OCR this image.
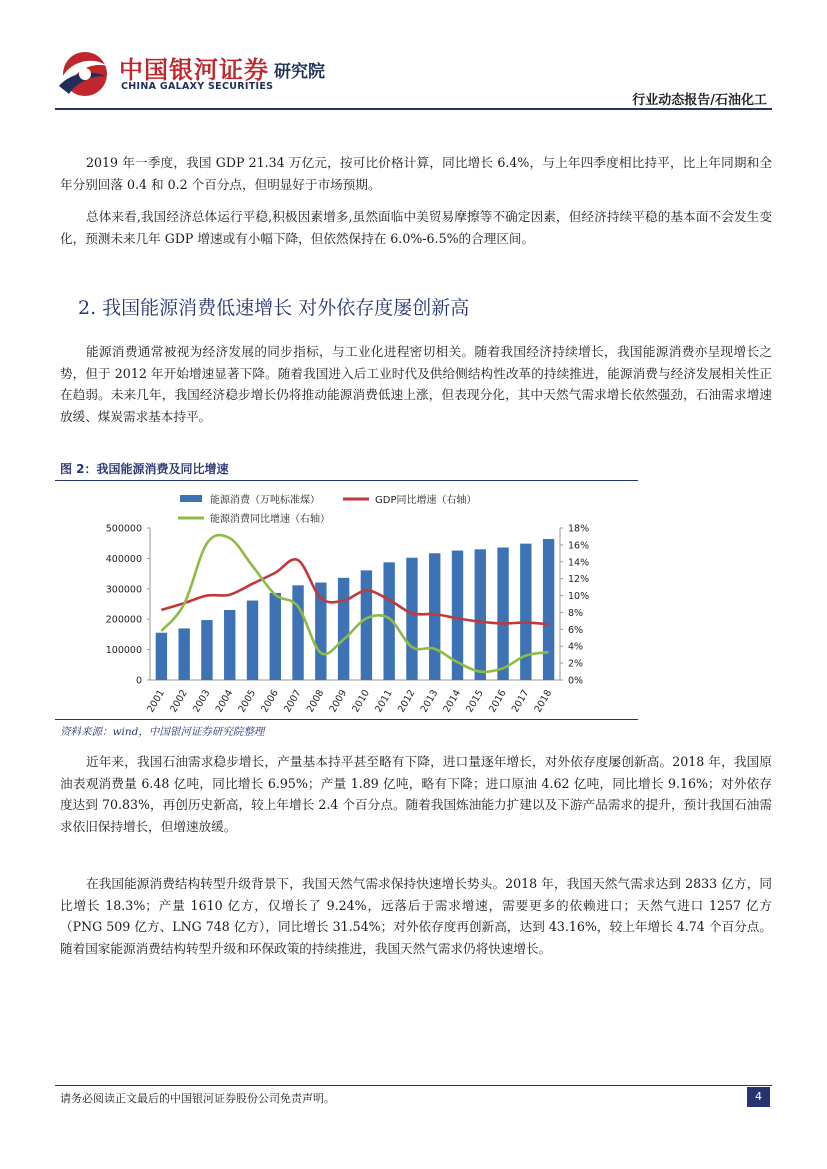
中国银河证券 研究院
CHINA GALAXY SECURITIES
行业动态报告/石油化工

2019 年一季度，我国 GDP 21.34 万亿元，按可比价格计算，同比增长 6.4%，与上年四季度相比持平，比上年同期和全年分别回落 0.4 和 0.2 个百分点，但明显好于市场预期。

总体来看,我国经济总体运行平稳,积极因素增多,虽然面临中美贸易摩擦等不确定因素，但经济持续平稳的基本面不会发生变化，预测未来几年 GDP 增速或有小幅下降，但依然保持在 6.0%-6.5%的合理区间。

2. 我国能源消费低速增长 对外依存度屡创新高

能源消费通常被视为经济发展的同步指标，与工业化进程密切相关。随着我国经济持续增长，我国能源消费亦呈现增长之势，但于 2012 年开始增速显著下降。随着我国进入后工业时代及供给侧结构性改革的持续推进，能源消费与经济发展相关性正在趋弱。未来几年，我国经济稳步增长仍将推动能源消费低速上涨，但表现分化，其中天然气需求增长依然强劲，石油需求增速放缓、煤炭需求基本持平。

图 2：我国能源消费及同比增速
0
100000
200000
300000
400000
500000
0%
2%
4%
6%
8%
10%
12%
14%
16%
18%
2001 2002 2003 2004 2005 2006 2007 2008 2009 2010 2011 2012 2013 2014 2015 2016 2017 2018
能源消费（万吨标准煤）	GDP同比增速（右轴）
能源消费同比增速（右轴）
资料来源：wind，中国银河证券研究院整理

近年来，我国石油需求稳步增长，产量基本持平甚至略有下降，进口量逐年增长，对外依存度屡创新高。2018 年，我国原油表观消费量 6.48 亿吨，同比增长 6.95%；产量 1.89 亿吨，略有下降；进口原油 4.62 亿吨，同比增长 9.16%；对外依存度达到 70.83%，再创历史新高，较上年增长 2.4 个百分点。随着我国炼油能力扩建以及下游产品需求的提升，预计我国石油需求依旧保持增长，但增速放缓。

在我国能源消费结构转型升级背景下，我国天然气需求保持快速增长势头。2018 年，我国天然气需求达到 2833 亿方，同比增长 18.3%；产量 1610 亿方，仅增长了 9.24%，远落后于需求增速，需要更多的依赖进口；天然气进口 1257 亿方（PNG 509 亿方、LNG 748 亿方），同比增长 31.54%；对外依存度再创新高，达到 43.16%，较上年增长 4.74 个百分点。随着国家能源消费结构转型升级和环保政策的持续推进，我国天然气需求仍将快速增长。

请务必阅读正文最后的中国银河证券股份公司免责声明。	4
